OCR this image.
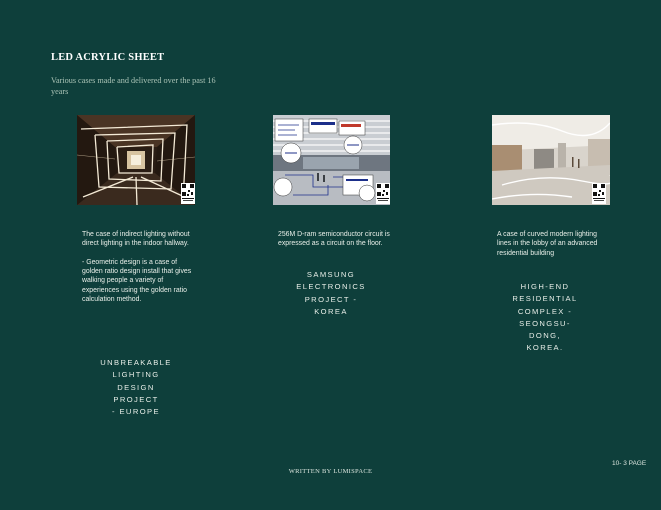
LED ACRYLIC SHEET
Various cases made and delivered over the past 16 years
The case of indirect lighting without direct lighting in the indoor hallway.

- Geometric design is a case of golden ratio design install that gives walking people a variety of experiences using the golden ratio calculation method.
256M D-ram semiconductor circuit is expressed as a circuit on the floor.
A case of curved modern lighting lines in the lobby of an advanced residential building
UNBREAKABLE
LIGHTING
DESIGN
PROJECT
- EUROPE
SAMSUNG
ELECTRONICS
PROJECT -
KOREA
HIGH-END
RESIDENTIAL
COMPLEX -
SEONGSU-
DONG,
KOREA.
10- 3 PAGE
WRITTEN BY LUMISPACE
